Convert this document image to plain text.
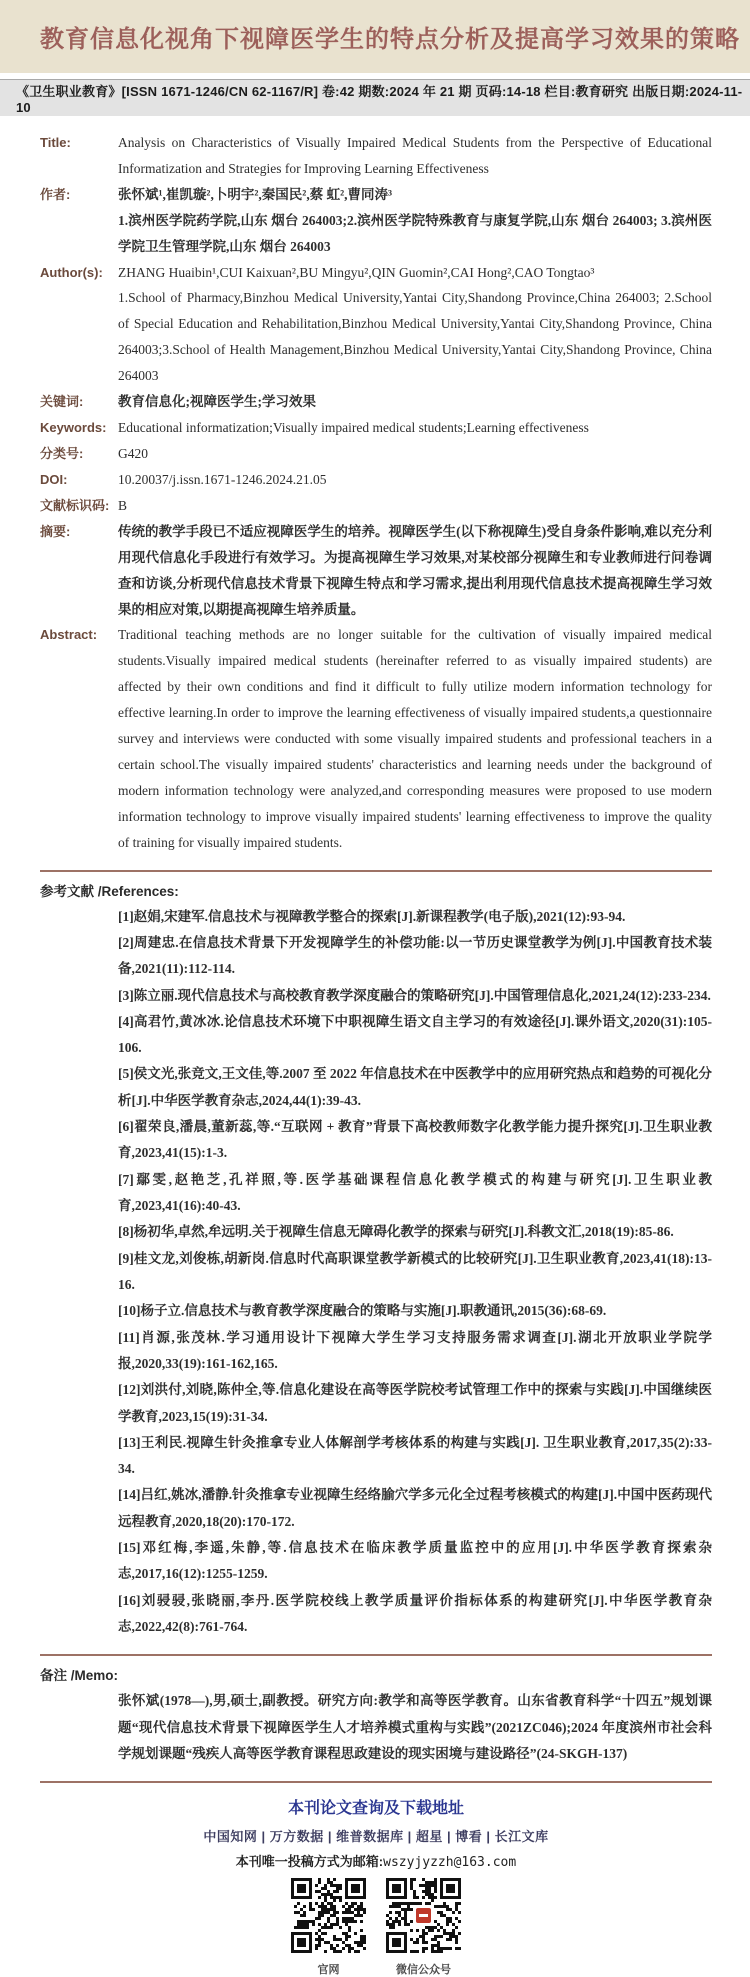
教育信息化视角下视障医学生的特点分析及提高学习效果的策略
《卫生职业教育》[ISSN 1671-1246/CN 62-1167/R] 卷:42 期数:2024 年 21 期 页码:14-18 栏目:教育研究 出版日期:2024-11-10
Title:	Analysis on Characteristics of Visually Impaired Medical Students from the Perspective of Educational Informatization and Strategies for Improving Learning Effectiveness
作者:	张怀斌¹,崔凯璇²,卜明宇²,秦国民²,蔡 虹²,曹同涛³
1.滨州医学院药学院,山东 烟台 264003;2.滨州医学院特殊教育与康复学院,山东 烟台 264003; 3.滨州医学院卫生管理学院,山东 烟台 264003
Author(s):	ZHANG Huaibin¹,CUI Kaixuan²,BU Mingyu²,QIN Guomin²,CAI Hong²,CAO Tongtao³
1.School of Pharmacy,Binzhou Medical University,Yantai City,Shandong Province,China 264003; 2.School of Special Education and Rehabilitation,Binzhou Medical University,Yantai City,Shandong Province, China 264003;3.School of Health Management,Binzhou Medical University,Yantai City,Shandong Province, China 264003
关键词:	教育信息化;视障医学生;学习效果
Keywords: Educational informatization;Visually impaired medical students;Learning effectiveness
分类号:	G420
DOI:	10.20037/j.issn.1671-1246.2024.21.05
文献标识码: B
摘要:	传统的教学手段已不适应视障医学生的培养。视障医学生(以下称视障生)受自身条件影响,难以充分利用现代信息化手段进行有效学习。为提高视障生学习效果,对某校部分视障生和专业教师进行问卷调查和访谈,分析现代信息技术背景下视障生特点和学习需求,提出利用现代信息技术提高视障生学习效果的相应对策,以期提高视障生培养质量。
Abstract:	Traditional teaching methods are no longer suitable for the cultivation of visually impaired medical students.Visually impaired medical students (hereinafter referred to as visually impaired students) are affected by their own conditions and find it difficult to fully utilize modern information technology for effective learning.In order to improve the learning effectiveness of visually impaired students,a questionnaire survey and interviews were conducted with some visually impaired students and professional teachers in a certain school.The visually impaired students' characteristics and learning needs under the background of modern information technology were analyzed,and corresponding measures were proposed to use modern information technology to improve visually impaired students' learning effectiveness to improve the quality of training for visually impaired students.
参考文献 /References:
[1]赵娟,宋建军.信息技术与视障教学整合的探索[J].新课程教学(电子版),2021(12):93-94.
[2]周建忠.在信息技术背景下开发视障学生的补偿功能:以一节历史课堂教学为例[J].中国教育技术装备,2021(11):112-114.
[3]陈立丽.现代信息技术与高校教育教学深度融合的策略研究[J].中国管理信息化,2021,24(12):233-234.
[4]高君竹,黄冰冰.论信息技术环境下中职视障生语文自主学习的有效途径[J].课外语文,2020(31):105-106.
[5]侯文光,张竞文,王文佳,等.2007 至 2022 年信息技术在中医教学中的应用研究热点和趋势的可视化分析[J].中华医学教育杂志,2024,44(1):39-43.
[6]翟荣良,潘晨,董新蕊,等.“互联网 + 教育”背景下高校教师数字化教学能力提升探究[J].卫生职业教育,2023,41(15):1-3.
[7]鄢雯,赵艳芝,孔祥照,等.医学基础课程信息化教学模式的构建与研究[J].卫生职业教育,2023,41(16):40-43.
[8]杨初华,卓然,牟远明.关于视障生信息无障碍化教学的探索与研究[J].科教文汇,2018(19):85-86.
[9]桂文龙,刘俊栋,胡新岗.信息时代高职课堂教学新模式的比较研究[J].卫生职业教育,2023,41(18):13-16.
[10]杨子立.信息技术与教育教学深度融合的策略与实施[J].职教通讯,2015(36):68-69.
[11]肖源,张茂林.学习通用设计下视障大学生学习支持服务需求调查[J].湖北开放职业学院学报,2020,33(19):161-162,165.
[12]刘洪付,刘晓,陈仲全,等.信息化建设在高等医学院校考试管理工作中的探索与实践[J].中国继续医学教育,2023,15(19):31-34.
[13]王利民.视障生针灸推拿专业人体解剖学考核体系的构建与实践[J]. 卫生职业教育,2017,35(2):33-34.
[14]吕红,姚冰,潘静.针灸推拿专业视障生经络腧穴学多元化全过程考核模式的构建[J].中国中医药现代远程教育,2020,18(20):170-172.
[15]邓红梅,李遥,朱静,等.信息技术在临床教学质量监控中的应用[J].中华医学教育探索杂志,2017,16(12):1255-1259.
[16]刘骎骎,张晓丽,李丹.医学院校线上教学质量评价指标体系的构建研究[J].中华医学教育杂志,2022,42(8):761-764.
备注 /Memo:
张怀斌(1978—),男,硕士,副教授。研究方向:教学和高等医学教育。山东省教育科学“十四五”规划课题“现代信息技术背景下视障医学生人才培养模式重构与实践”(2021ZC046);2024 年度滨州市社会科学规划课题“残疾人高等医学教育课程思政建设的现实困境与建设路径”(24-SKGH-137)
本刊论文查询及下载地址
中国知网 | 万方数据 | 维普数据库 | 超星 | 博看 | 长江文库
本刊唯一投稿方式为邮箱:wszyjyzzh@163.com
官网	微信公众号
